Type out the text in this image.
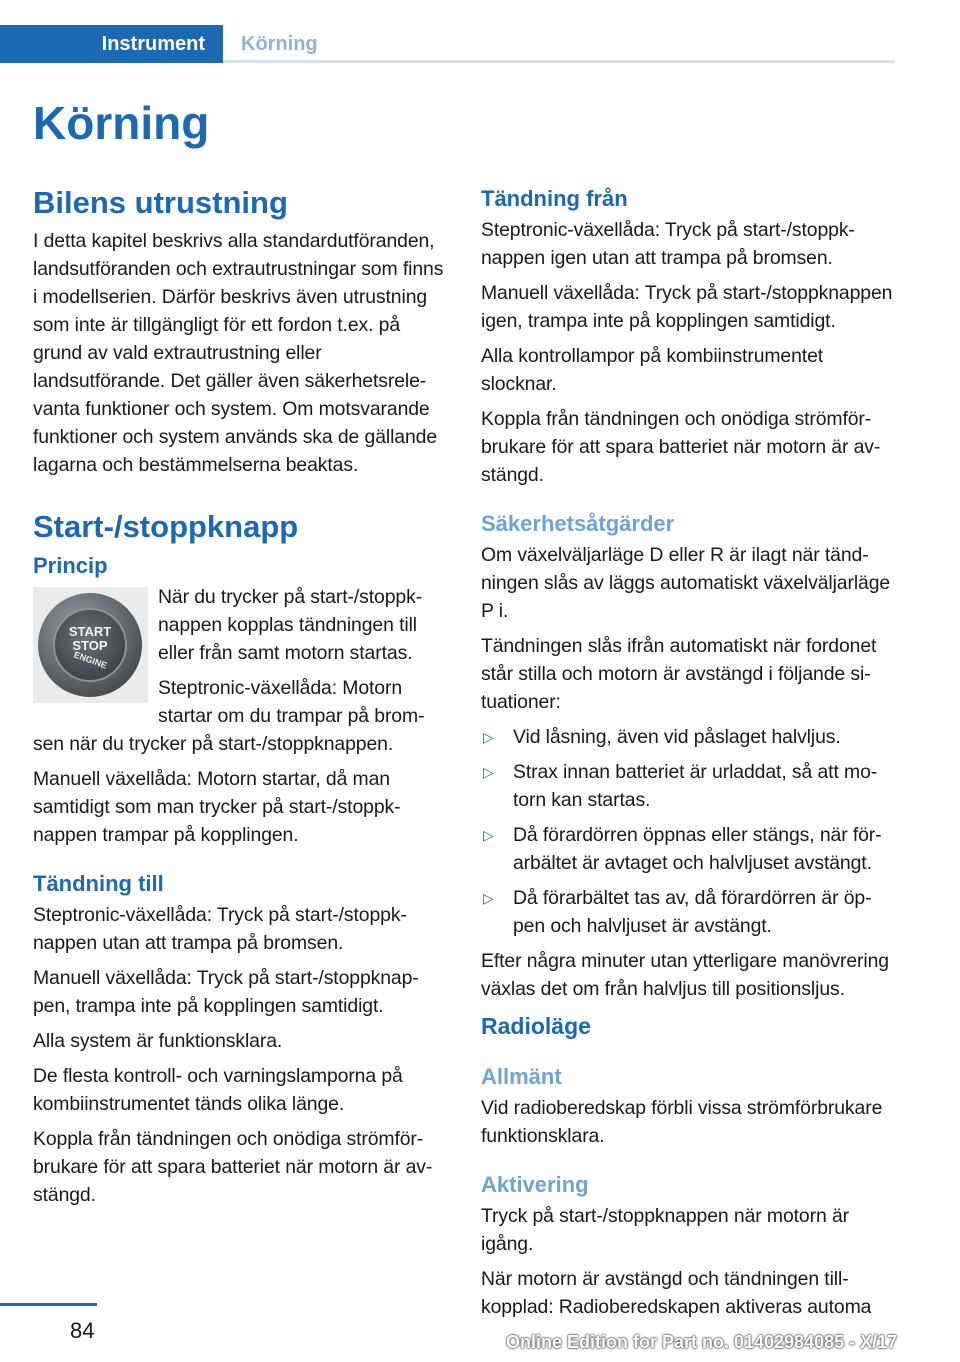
Instrument	Körning
Körning
Bilens utrustning

I detta kapitel beskrivs alla standardutföranden, landsutföranden och extrautrustningar som finns i modellserien. Därför beskrivs även utrustning som inte är tillgängligt för ett fordon t.ex. på grund av vald extrautrustning eller landsutförande. Det gäller även säkerhetsrelevanta funktioner och system. Om motsvarande funktioner och system används ska de gällande lagarna och bestämmelserna beaktas.

Start-/stoppknapp
Princip
START
STOP
ENGINE

När du trycker på start-/stoppknappen kopplas tändningen till eller från samt motorn startas.

Steptronic-växellåda: Motorn startar om du trampar på bromsen när du trycker på start-/stoppknappen.

Manuell växellåda: Motorn startar, då man samtidigt som man trycker på start-/stoppknappen trampar på kopplingen.

Tändning till

Steptronic-växellåda: Tryck på start-/stoppknappen utan att trampa på bromsen.

Manuell växellåda: Tryck på start-/stoppknappen, trampa inte på kopplingen samtidigt.

Alla system är funktionsklara.

De flesta kontroll- och varningslamporna på kombiinstrumentet tänds olika länge.

Koppla från tändningen och onödiga strömförbrukare för att spara batteriet när motorn är avstängd.

Tändning från

Steptronic-växellåda: Tryck på start-/stoppknappen igen utan att trampa på bromsen.

Manuell växellåda: Tryck på start-/stoppknappen igen, trampa inte på kopplingen samtidigt.

Alla kontrollampor på kombiinstrumentet slocknar.

Koppla från tändningen och onödiga strömförbrukare för att spara batteriet när motorn är avstängd.

Säkerhetsåtgärder

Om växelväljarläge D eller R är ilagt när tändningen slås av läggs automatiskt växelväljarläge P i.

Tändningen slås ifrån automatiskt när fordonet står stilla och motorn är avstängd i följande situationer:

▷ Vid låsning, även vid påslaget halvljus.

▷ Strax innan batteriet är urladdat, så att motorn kan startas.

▷ Då förardörren öppnas eller stängs, när förarbältet är avtaget och halvljuset avstängt.

▷ Då förarbältet tas av, då förardörren är öppen och halvljuset är avstängt.

Efter några minuter utan ytterligare manövrering växlas det om från halvljus till positionsljus.

Radioläge
Allmänt

Vid radioberedskap förbli vissa strömförbrukare funktionsklara.

Aktivering

Tryck på start-/stoppknappen när motorn är igång.

När motorn är avstängd och tändningen tillkopplad: Radioberedskapen aktiveras automa

84	Online Edition for Part no. 01402984085 - X/17
